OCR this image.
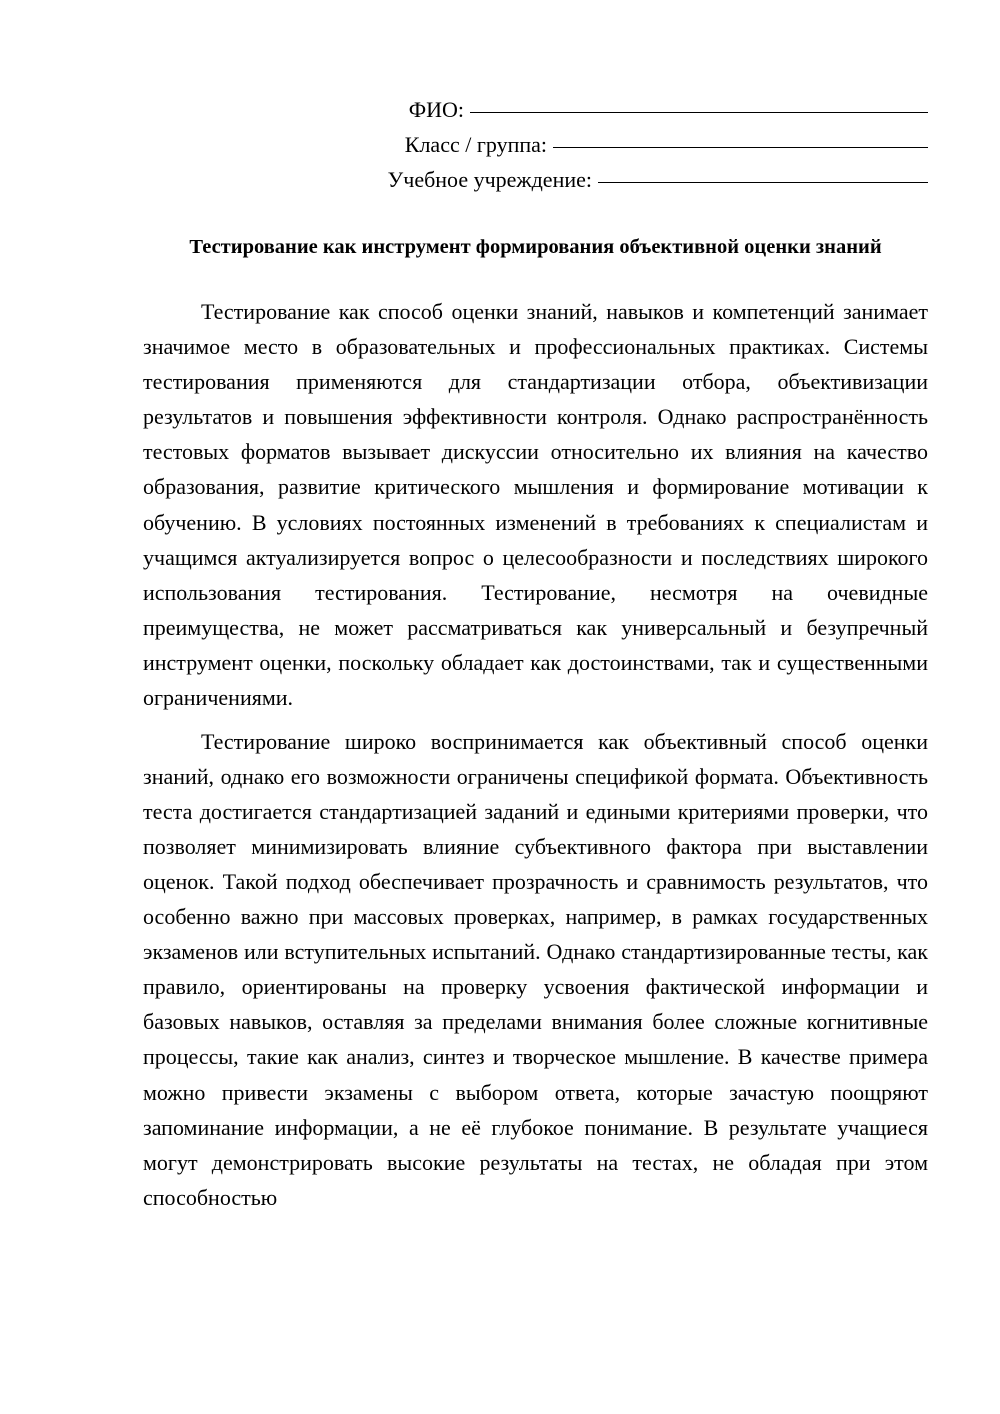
ФИО:
Класс / группа:
Учебное учреждение:
Тестирование как инструмент формирования объективной оценки знаний

Тестирование как способ оценки знаний, навыков и компетенций занимает значимое место в образовательных и профессиональных практиках. Системы тестирования применяются для стандартизации отбора, объективизации результатов и повышения эффективности контроля. Однако распространённость тестовых форматов вызывает дискуссии относительно их влияния на качество образования, развитие критического мышления и формирование мотивации к обучению. В условиях постоянных изменений в требованиях к специалистам и учащимся актуализируется вопрос о целесообразности и последствиях широкого использования тестирования. Тестирование, несмотря на очевидные преимущества, не может рассматриваться как универсальный и безупречный инструмент оценки, поскольку обладает как достоинствами, так и существенными ограничениями.

Тестирование широко воспринимается как объективный способ оценки знаний, однако его возможности ограничены спецификой формата. Объективность теста достигается стандартизацией заданий и едиными критериями проверки, что позволяет минимизировать влияние субъективного фактора при выставлении оценок. Такой подход обеспечивает прозрачность и сравнимость результатов, что особенно важно при массовых проверках, например, в рамках государственных экзаменов или вступительных испытаний. Однако стандартизированные тесты, как правило, ориентированы на проверку усвоения фактической информации и базовых навыков, оставляя за пределами внимания более сложные когнитивные процессы, такие как анализ, синтез и творческое мышление. В качестве примера можно привести экзамены с выбором ответа, которые зачастую поощряют запоминание информации, а не её глубокое понимание. В результате учащиеся могут демонстрировать высокие результаты на тестах, не обладая при этом способностью
